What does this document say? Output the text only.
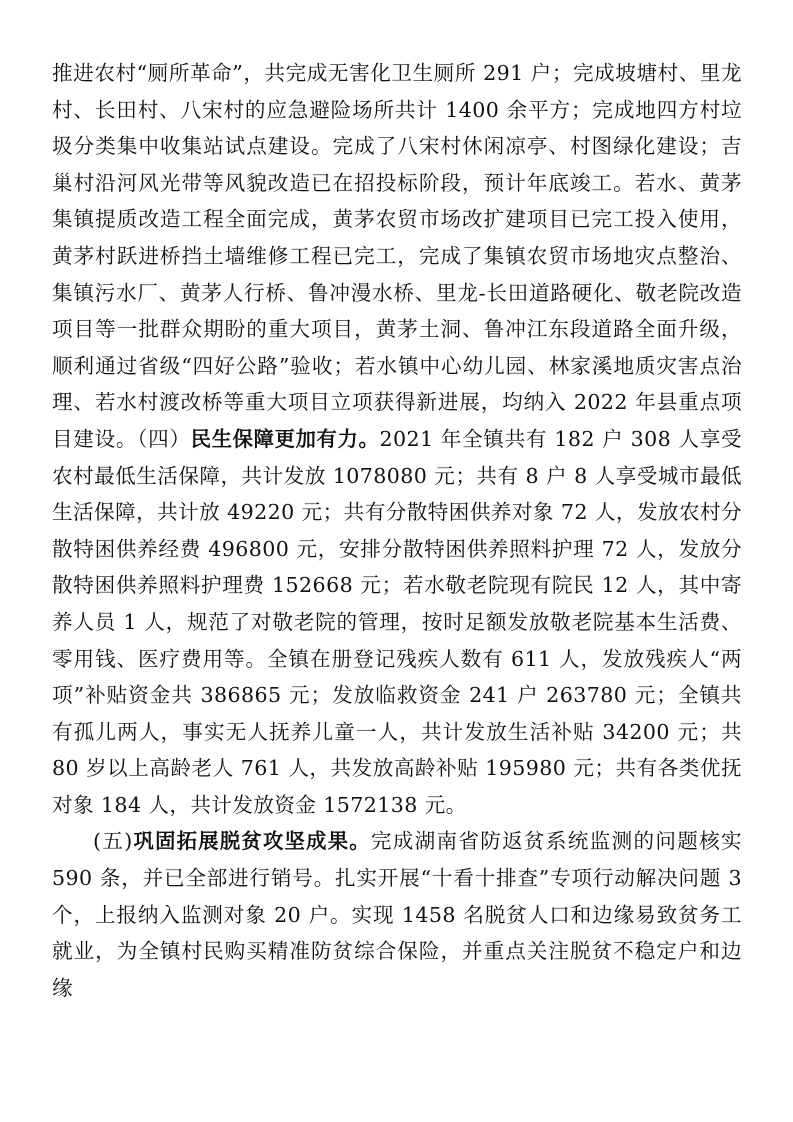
推进农村“厕所革命”，共完成无害化卫生厕所 291 户；完成坡塘村、里龙村、长田村、八宋村的应急避险场所共计 1400 余平方；完成地四方村垃圾分类集中收集站试点建设。完成了八宋村休闲凉亭、村图绿化建设；吉巢村沿河风光带等风貌改造已在招投标阶段，预计年底竣工。若水、黄茅集镇提质改造工程全面完成，黄茅农贸市场改扩建项目已完工投入使用，黄茅村跃进桥挡土墙维修工程已完工，完成了集镇农贸市场地灾点整治、集镇污水厂、黄茅人行桥、鲁冲漫水桥、里龙-长田道路硬化、敬老院改造项目等一批群众期盼的重大项目，黄茅土洞、鲁冲江东段道路全面升级，顺利通过省级“四好公路”验收；若水镇中心幼儿园、林家溪地质灾害点治理、若水村渡改桥等重大项目立项获得新进展，均纳入 2022 年县重点项目建设。（四）民生保障更加有力。2021 年全镇共有 182 户 308 人享受农村最低生活保障，共计发放 1078080 元；共有 8 户 8 人享受城市最低生活保障，共计放 49220 元；共有分散特困供养对象 72 人，发放农村分散特困供养经费 496800 元，安排分散特困供养照料护理 72 人，发放分散特困供养照料护理费 152668 元；若水敬老院现有院民 12 人，其中寄养人员 1 人，规范了对敬老院的管理，按时足额发放敬老院基本生活费、零用钱、医疗费用等。全镇在册登记残疾人数有 611 人，发放残疾人“两项”补贴资金共 386865 元；发放临救资金 241 户 263780 元；全镇共有孤儿两人，事实无人抚养儿童一人，共计发放生活补贴 34200 元；共 80 岁以上高龄老人 761 人，共发放高龄补贴 195980 元；共有各类优抚对象 184 人，共计发放资金 1572138 元。

(五)巩固拓展脱贫攻坚成果。完成湖南省防返贫系统监测的问题核实 590 条，并已全部进行销号。扎实开展“十看十排查”专项行动解决问题 3 个，上报纳入监测对象 20 户。实现 1458 名脱贫人口和边缘易致贫务工就业，为全镇村民购买精准防贫综合保险，并重点关注脱贫不稳定户和边缘
